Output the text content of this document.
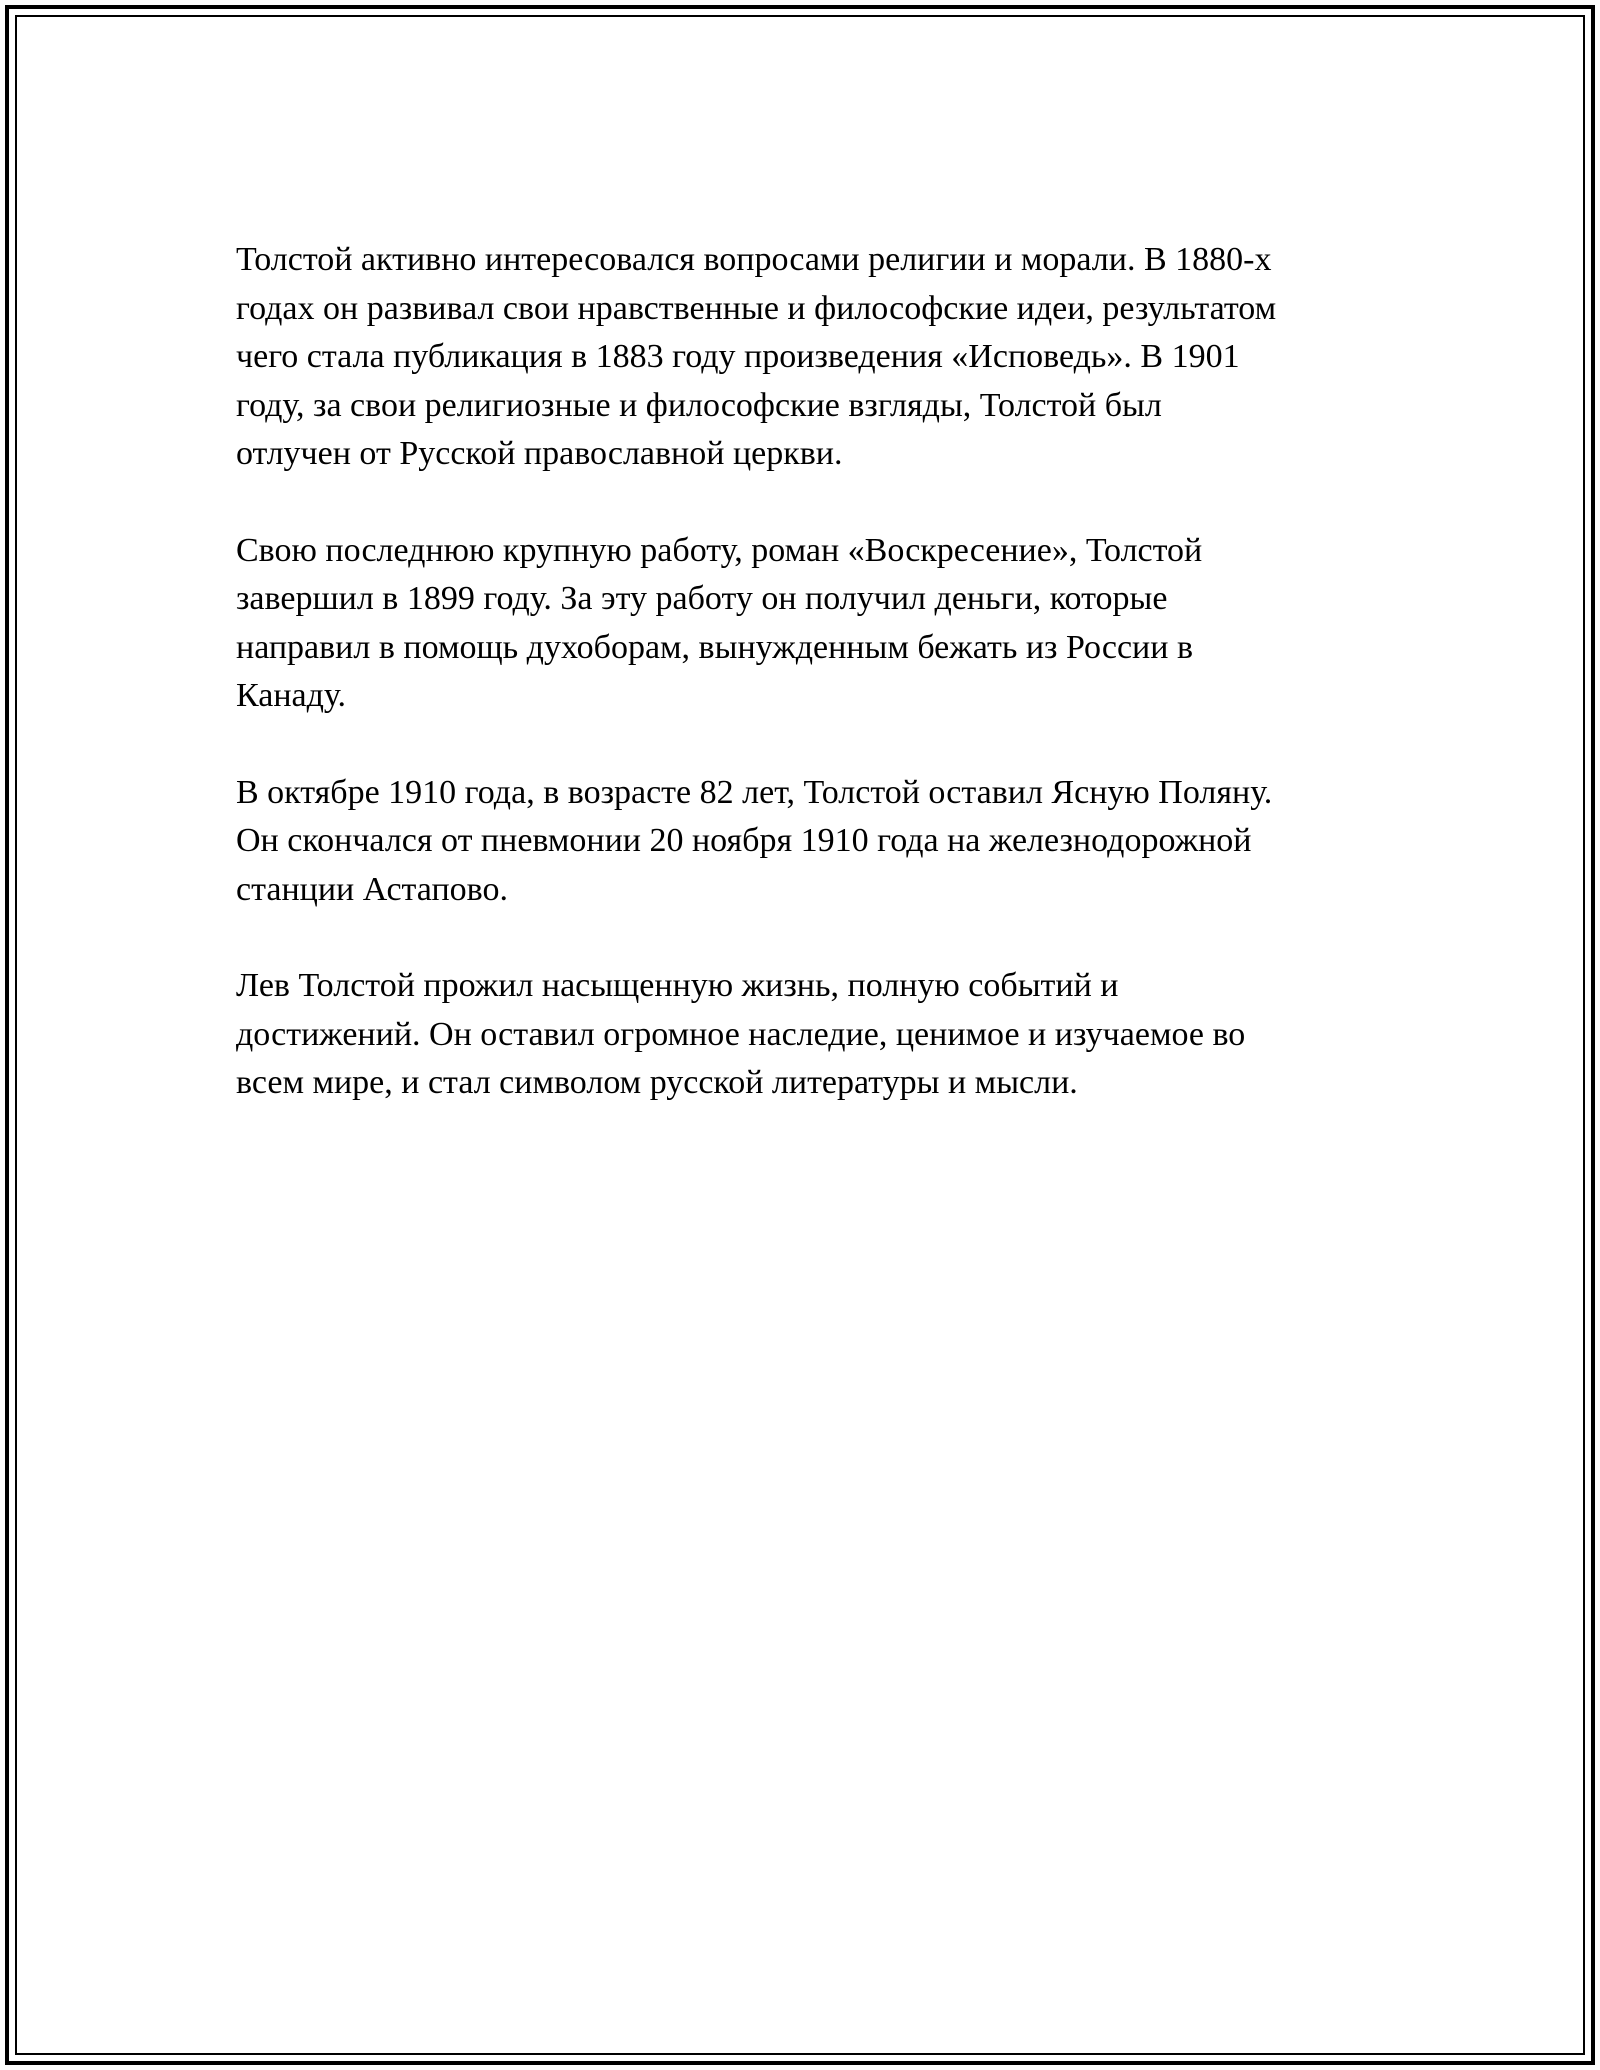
Толстой активно интересовался вопросами религии и морали. В 1880-х
годах он развивал свои нравственные и философские идеи, результатом
чего стала публикация в 1883 году произведения «Исповедь». В 1901
году, за свои религиозные и философские взгляды, Толстой был
отлучен от Русской православной церкви.

Свою последнюю крупную работу, роман «Воскресение», Толстой
завершил в 1899 году. За эту работу он получил деньги, которые
направил в помощь духоборам, вынужденным бежать из России в
Канаду.

В октябре 1910 года, в возрасте 82 лет, Толстой оставил Ясную Поляну.
Он скончался от пневмонии 20 ноября 1910 года на железнодорожной
станции Астапово.

Лев Толстой прожил насыщенную жизнь, полную событий и
достижений. Он оставил огромное наследие, ценимое и изучаемое во
всем мире, и стал символом русской литературы и мысли.
